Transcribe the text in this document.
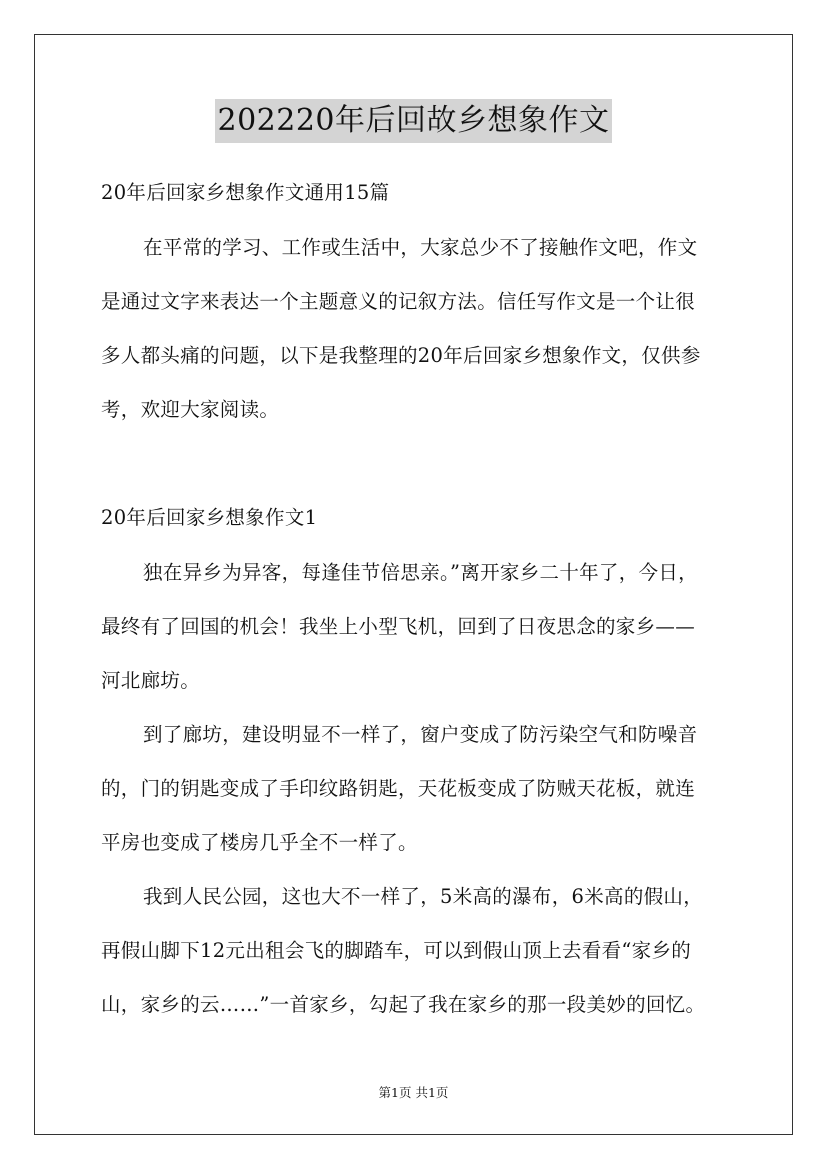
202220年后回故乡想象作文
20年后回家乡想象作文通用15篇
在平常的学习、工作或生活中，大家总少不了接触作文吧，作文
是通过文字来表达一个主题意义的记叙方法。信任写作文是一个让很
多人都头痛的问题，以下是我整理的20年后回家乡想象作文，仅供参
考，欢迎大家阅读。
20年后回家乡想象作文1
独在异乡为异客，每逢佳节倍思亲。”离开家乡二十年了，今日，
最终有了回国的机会！我坐上小型飞机，回到了日夜思念的家乡——
河北廊坊。
到了廊坊，建设明显不一样了，窗户变成了防污染空气和防噪音
的，门的钥匙变成了手印纹路钥匙，天花板变成了防贼天花板，就连
平房也变成了楼房几乎全不一样了。
我到人民公园，这也大不一样了，5米高的瀑布，6米高的假山，
再假山脚下12元出租会飞的脚踏车，可以到假山顶上去看看“家乡的
山，家乡的云……”一首家乡，勾起了我在家乡的那一段美妙的回忆。
第1页 共1页
